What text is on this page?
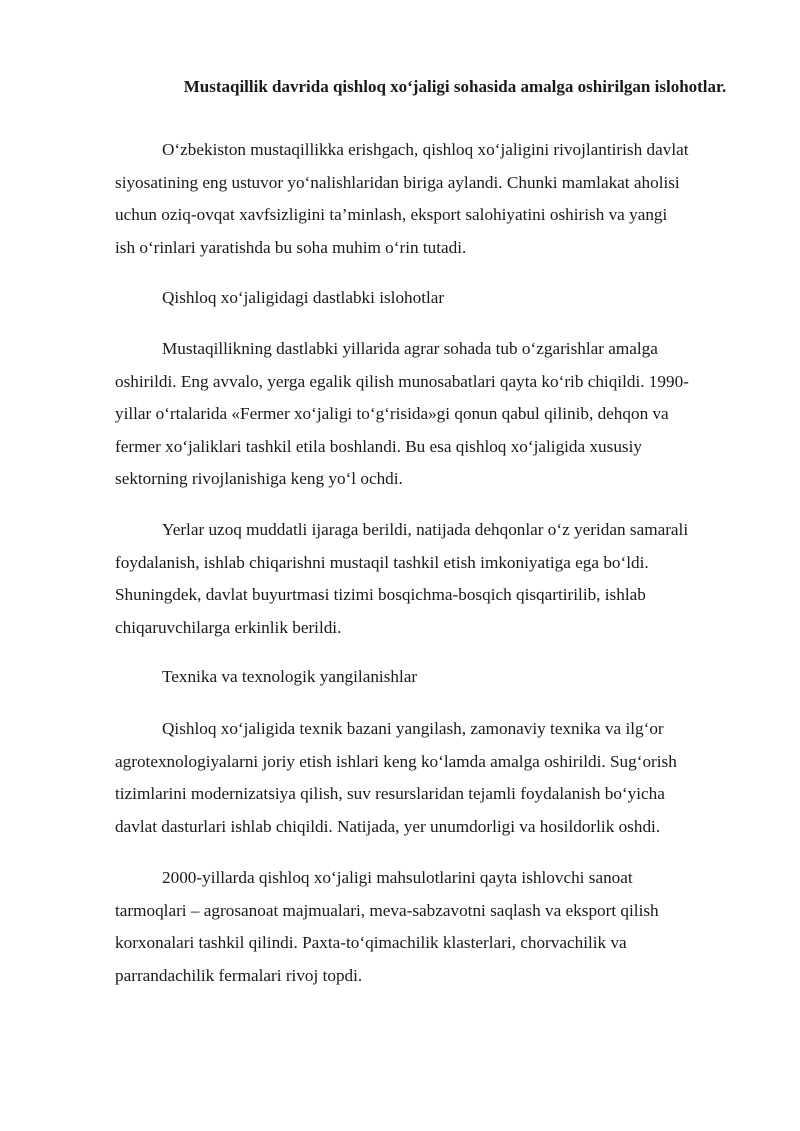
Mustaqillik davrida qishloq xo‘jaligi sohasida amalga oshirilgan islohotlar.

O‘zbekiston mustaqillikka erishgach, qishloq xo‘jaligini rivojlantirish davlat
siyosatining eng ustuvor yo‘nalishlaridan biriga aylandi. Chunki mamlakat aholisi
uchun oziq-ovqat xavfsizligini ta’minlash, eksport salohiyatini oshirish va yangi
ish o‘rinlari yaratishda bu soha muhim o‘rin tutadi.

Qishloq xo‘jaligidagi dastlabki islohotlar

Mustaqillikning dastlabki yillarida agrar sohada tub o‘zgarishlar amalga
oshirildi. Eng avvalo, yerga egalik qilish munosabatlari qayta ko‘rib chiqildi. 1990-
yillar o‘rtalarida «Fermer xo‘jaligi to‘g‘risida»gi qonun qabul qilinib, dehqon va
fermer xo‘jaliklari tashkil etila boshlandi. Bu esa qishloq xo‘jaligida xususiy
sektorning rivojlanishiga keng yo‘l ochdi.

Yerlar uzoq muddatli ijaraga berildi, natijada dehqonlar o‘z yeridan samarali
foydalanish, ishlab chiqarishni mustaqil tashkil etish imkoniyatiga ega bo‘ldi.
Shuningdek, davlat buyurtmasi tizimi bosqichma-bosqich qisqartirilib, ishlab
chiqaruvchilarga erkinlik berildi.

Texnika va texnologik yangilanishlar

Qishloq xo‘jaligida texnik bazani yangilash, zamonaviy texnika va ilg‘or
agrotexnologiyalarni joriy etish ishlari keng ko‘lamda amalga oshirildi. Sug‘orish
tizimlarini modernizatsiya qilish, suv resurslaridan tejamli foydalanish bo‘yicha
davlat dasturlari ishlab chiqildi. Natijada, yer unumdorligi va hosildorlik oshdi.

2000-yillarda qishloq xo‘jaligi mahsulotlarini qayta ishlovchi sanoat
tarmoqlari – agrosanoat majmualari, meva-sabzavotni saqlash va eksport qilish
korxonalari tashkil qilindi. Paxta-to‘qimachilik klasterlari, chorvachilik va
parrandachilik fermalari rivoj topdi.
